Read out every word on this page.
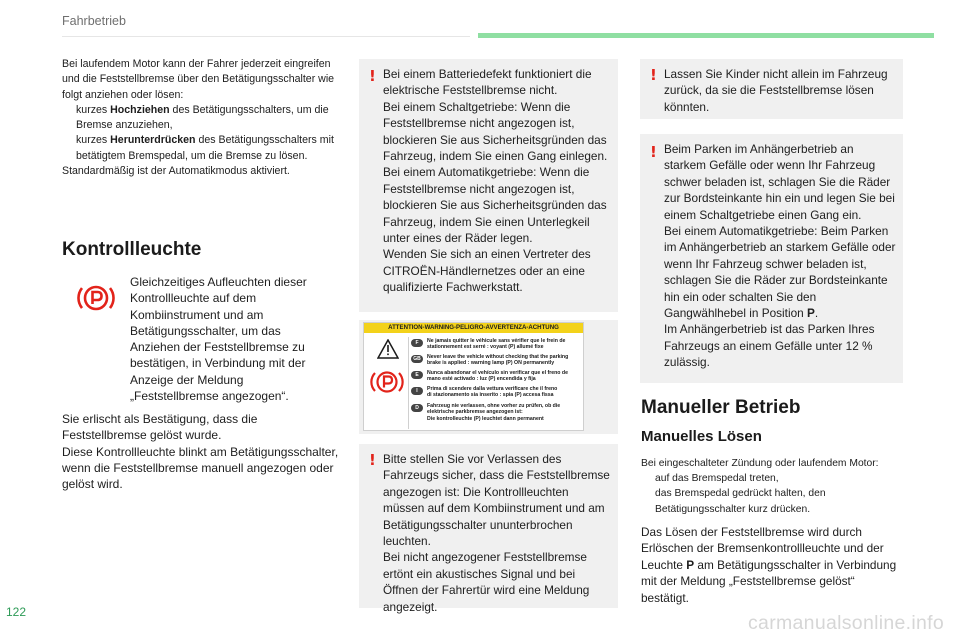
Fahrbetrieb
Bei laufendem Motor kann der Fahrer jederzeit eingreifen und die Feststellbremse über den Betätigungsschalter wie folgt anziehen oder lösen:
kurzes Hochziehen des Betätigungsschalters, um die Bremse anzuziehen,
kurzes Herunterdrücken des Betätigungsschalters mit betätigtem Bremspedal, um die Bremse zu lösen.
Standardmäßig ist der Automatikmodus aktiviert.
Kontrollleuchte
Gleichzeitiges Aufleuchten dieser Kontrollleuchte auf dem Kombiinstrument und am Betätigungsschalter, um das Anziehen der Feststellbremse zu bestätigen, in Verbindung mit der Anzeige der Meldung „Feststellbremse angezogen“.
Sie erlischt als Bestätigung, dass die Feststellbremse gelöst wurde.
Diese Kontrollleuchte blinkt am Betätigungsschalter, wenn die Feststellbremse manuell angezogen oder gelöst wird.
! Bei einem Batteriedefekt funktioniert die elektrische Feststellbremse nicht.
Bei einem Schaltgetriebe: Wenn die Feststellbremse nicht angezogen ist, blockieren Sie aus Sicherheitsgründen das Fahrzeug, indem Sie einen Gang einlegen.
Bei einem Automatikgetriebe: Wenn die Feststellbremse nicht angezogen ist, blockieren Sie aus Sicherheitsgründen das Fahrzeug, indem Sie einen Unterlegkeil unter eines der Räder legen.
Wenden Sie sich an einen Vertreter des CITROËN-Händlernetzes oder an eine qualifizierte Fachwerkstatt.
ATTENTION-WARNING-PELIGRO-AVVERTENZA-ACHTUNG
F	Ne jamais quitter le véhicule sans vérifier que le frein de
stationnement est serré : voyant (P) allumé fixe
GB	Never leave the vehicle without checking that the parking
brake is applied : warning lamp (P) ON permanently
E	Nunca abandonar el vehículo sin verificar que el freno de
mano esté activado : luz (P) encendida y fija
I	Prima di scendere dalla vettura verificare che il freno
di stazionamento sia inserito : spia (P) accesa fissa
D	Fahrzeug nie verlassen, ohne vorher zu prüfen, ob die
elektrische parkbremse angezogen ist:
Die kontrolleuchte (P) leuchtet dann permanent
! Bitte stellen Sie vor Verlassen des Fahrzeugs sicher, dass die Feststellbremse angezogen ist: Die Kontrollleuchten müssen auf dem Kombiinstrument und am Betätigungsschalter ununterbrochen leuchten.
Bei nicht angezogener Feststellbremse ertönt ein akustisches Signal und bei Öffnen der Fahrertür wird eine Meldung angezeigt.
! Lassen Sie Kinder nicht allein im Fahrzeug zurück, da sie die Feststellbremse lösen könnten.
! Beim Parken im Anhängerbetrieb an starkem Gefälle oder wenn Ihr Fahrzeug schwer beladen ist, schlagen Sie die Räder zur Bordsteinkante hin ein und legen Sie bei einem Schaltgetriebe einen Gang ein.
Bei einem Automatikgetriebe: Beim Parken im Anhängerbetrieb an starkem Gefälle oder wenn Ihr Fahrzeug schwer beladen ist, schlagen Sie die Räder zur Bordsteinkante hin ein oder schalten Sie den Gangwählhebel in Position P.
Im Anhängerbetrieb ist das Parken Ihres Fahrzeugs an einem Gefälle unter 12 % zulässig.
Manueller Betrieb
Manuelles Lösen
Bei eingeschalteter Zündung oder laufendem Motor:
auf das Bremspedal treten,
das Bremspedal gedrückt halten, den Betätigungsschalter kurz drücken.
Das Lösen der Feststellbremse wird durch Erlöschen der Bremsenkontrollleuchte und der Leuchte P am Betätigungsschalter in Verbindung mit der Meldung „Feststellbremse gelöst“ bestätigt.
122	carmanualsonline.info
